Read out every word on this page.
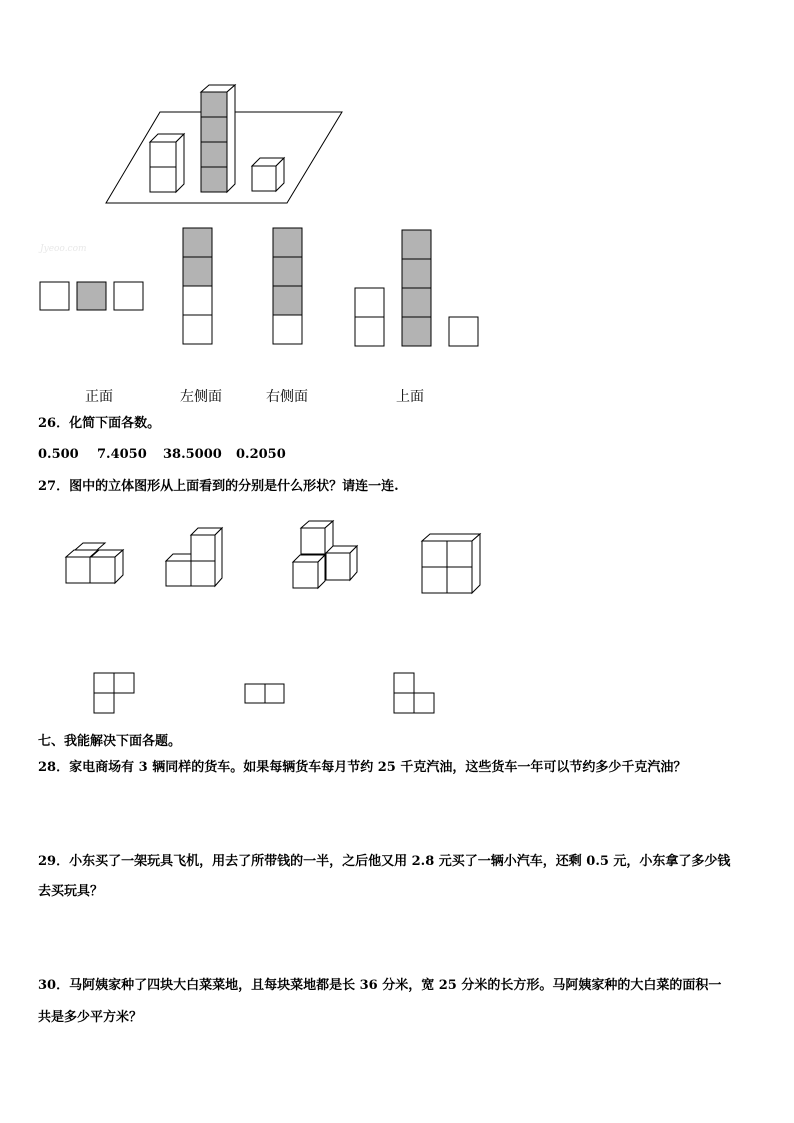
Jyeoo.com
正面	左侧面	右侧面	上面
26．化简下面各数。
0.500 7.4050 38.5000 0.2050
27．图中的立体图形从上面看到的分别是什么形状？请连一连.
七、我能解决下面各题。
28．家电商场有 3 辆同样的货车。如果每辆货车每月节约 25 千克汽油，这些货车一年可以节约多少千克汽油？
29．小东买了一架玩具飞机，用去了所带钱的一半，之后他又用 2.8 元买了一辆小汽车，还剩 0.5 元，小东拿了多少钱
去买玩具？
30．马阿姨家种了四块大白菜菜地，且每块菜地都是长 36 分米，宽 25 分米的长方形。马阿姨家种的大白菜的面积一
共是多少平方米？
